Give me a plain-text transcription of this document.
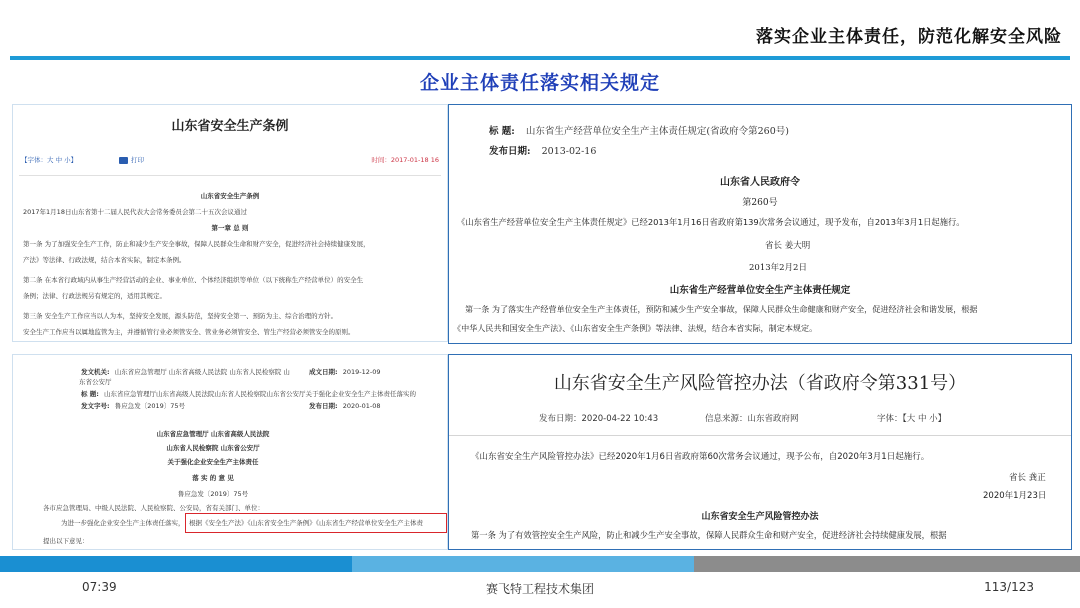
落实企业主体责任，防范化解安全风险
企业主体责任落实相关规定
山东省安全生产条例
【字体：大 中 小】	打印	时间：2017-01-18 16
山东省安全生产条例
2017年1月18日山东省第十二届人民代表大会常务委员会第二十五次会议通过
第一章 总 则
第一条 为了加强安全生产工作，防止和减少生产安全事故，保障人民群众生命和财产安全，促进经济社会持续健康发展，
产法》等法律、行政法规，结合本省实际，制定本条例。
第二条 在本省行政域内从事生产经营活动的企业、事业单位、个体经济组织等单位（以下统称生产经营单位）的安全生
条例；法律、行政法规另有规定的，适用其规定。
第三条 安全生产工作应当以人为本，坚持安全发展，源头防范，坚持安全第一、预防为主、综合治理的方针。
安全生产工作应当以属地监管为主，并遵循管行业必须管安全、管业务必须管安全、管生产经营必须管安全的原则。
标 题: 山东省生产经营单位安全生产主体责任规定(省政府令第260号)
发布日期: 2013-02-16
山东省人民政府令
第260号
《山东省生产经营单位安全生产主体责任规定》已经2013年1月16日省政府第139次常务会议通过，现予发布，自2013年3月1日起施行。
省长 姜大明
2013年2月2日
山东省生产经营单位安全生产主体责任规定
第一条 为了落实生产经营单位安全生产主体责任，预防和减少生产安全事故，保障人民群众生命健康和财产安全，促进经济社会和谐发展，根据
《中华人民共和国安全生产法》、《山东省安全生产条例》等法律、法规，结合本省实际，制定本规定。
发文机关: 山东省应急管理厅 山东省高级人民法院 山东省人民检察院 山
东省公安厅
成文日期: 2019-12-09
标 题: 山东省应急管理厅山东省高级人民法院山东省人民检察院山东省公安厅关于强化企业安全生产主体责任落实的
发文字号: 鲁应急发〔2019〕75号	发布日期: 2020-01-08
山东省应急管理厅 山东省高级人民法院
山东省人民检察院 山东省公安厅
关于强化企业安全生产主体责任
落 实 的 意 见
鲁应急发〔2019〕75号
各市应急管理局、中级人民法院、人民检察院、公安局，省有关部门、单位：
为进一步强化企业安全生产主体责任落实， 根据《安全生产法》《山东省安全生产条例》《山东省生产经营单位安全生产主体责
提出以下意见：
山东省安全生产风险管控办法（省政府令第331号）
发布日期：2020-04-22 10:43	信息来源：山东省政府网	字体：【大 中 小】
《山东省安全生产风险管控办法》已经2020年1月6日省政府第60次常务会议通过，现予公布，自2020年3月1日起施行。
省长 龚正
2020年1月23日
山东省安全生产风险管控办法
第一条 为了有效管控安全生产风险，防止和减少生产安全事故，保障人民群众生命和财产安全，促进经济社会持续健康发展，根据
07:39	赛飞特工程技术集团	113/123
